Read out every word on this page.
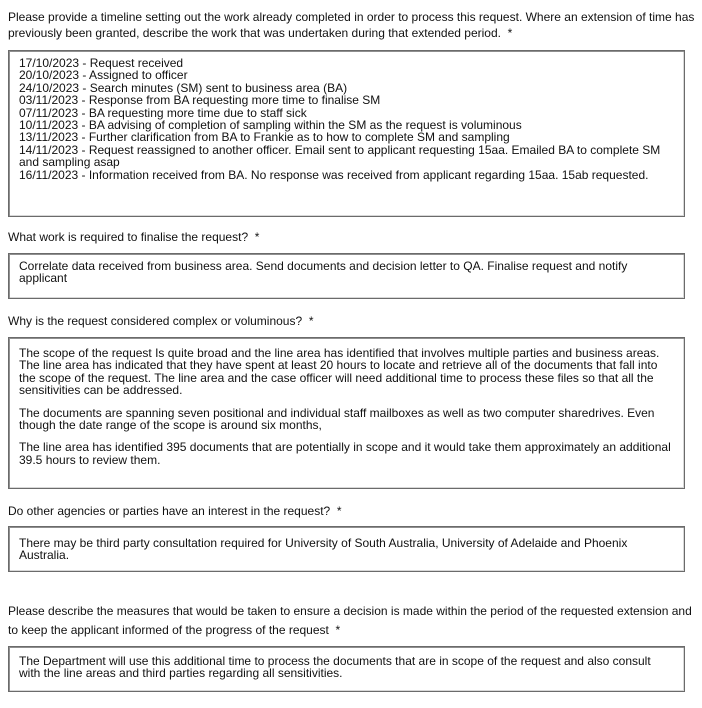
Please provide a timeline setting out the work already completed in order to process this request. Where an extension of time has previously been granted, describe the work that was undertaken during that extended period. *

17/10/2023 - Request received
20/10/2023 - Assigned to officer
24/10/2023 - Search minutes (SM) sent to business area (BA)
03/11/2023 - Response from BA requesting more time to finalise SM
07/11/2023 - BA requesting more time due to staff sick
10/11/2023 - BA advising of completion of sampling within the SM as the request is voluminous
13/11/2023 - Further clarification from BA to Frankie as to how to complete SM and sampling
14/11/2023 - Request reassigned to another officer. Email sent to applicant requesting 15aa. Emailed BA to complete SM and sampling asap
16/11/2023 - Information received from BA. No response was received from applicant regarding 15aa. 15ab requested.

What work is required to finalise the request? *

Correlate data received from business area. Send documents and decision letter to QA. Finalise request and notify applicant

Why is the request considered complex or voluminous? *

The scope of the request Is quite broad and the line area has identified that involves multiple parties and business areas. The line area has indicated that they have spent at least 20 hours to locate and retrieve all of the documents that fall into the scope of the request. The line area and the case officer will need additional time to process these files so that all the sensitivities can be addressed.

The documents are spanning seven positional and individual staff mailboxes as well as two computer sharedrives. Even though the date range of the scope is around six months,

The line area has identified 395 documents that are potentially in scope and it would take them approximately an additional 39.5 hours to review them.

Do other agencies or parties have an interest in the request? *

There may be third party consultation required for University of South Australia, University of Adelaide and Phoenix Australia.

Please describe the measures that would be taken to ensure a decision is made within the period of the requested extension and to keep the applicant informed of the progress of the request *

The Department will use this additional time to process the documents that are in scope of the request and also consult with the line areas and third parties regarding all sensitivities.
